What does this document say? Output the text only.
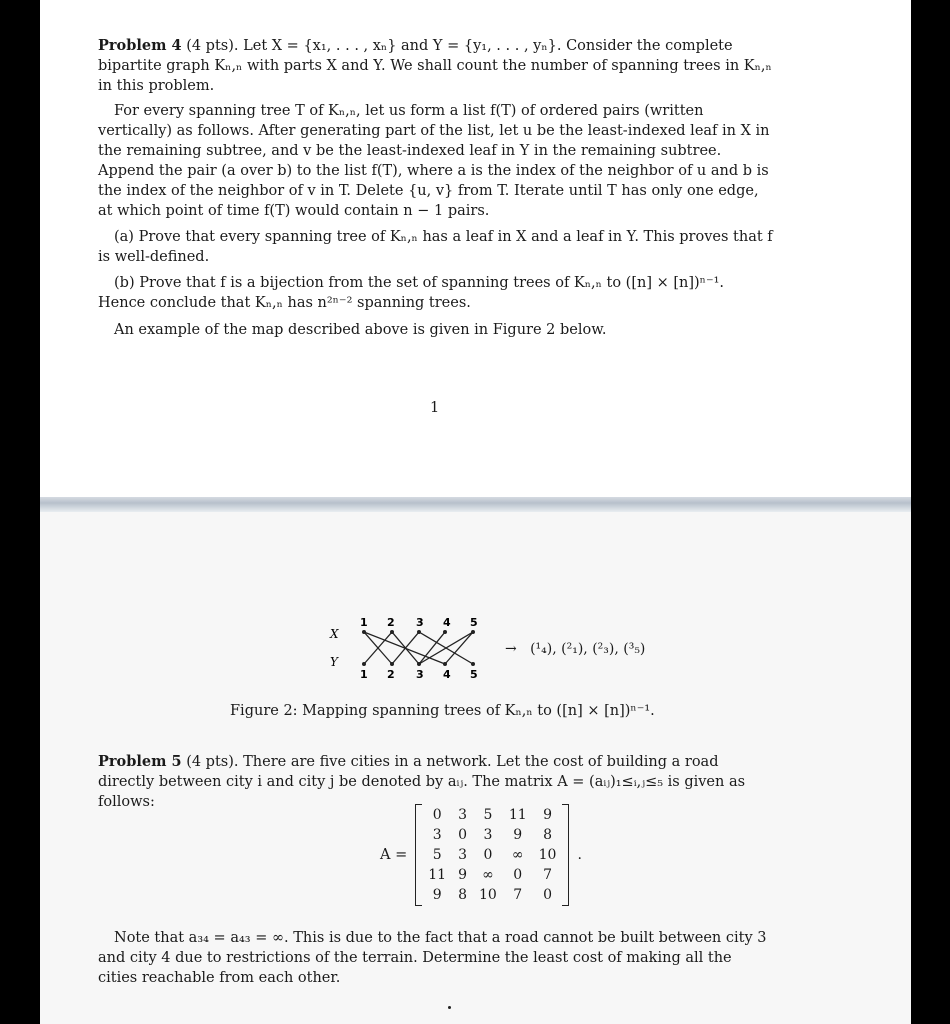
Problem 4 (4 pts). Let X = {x₁, . . . , xₙ} and Y = {y₁, . . . , yₙ}. Consider the complete bipartite graph Kₙ,ₙ with parts X and Y. We shall count the number of spanning trees in Kₙ,ₙ in this problem.

For every spanning tree T of Kₙ,ₙ, let us form a list f(T) of ordered pairs (written vertically) as follows. After generating part of the list, let u be the least-indexed leaf in X in the remaining subtree, and v be the least-indexed leaf in Y in the remaining subtree. Append the pair (a over b) to the list f(T), where a is the index of the neighbor of u and b is the index of the neighbor of v in T. Delete {u, v} from T. Iterate until T has only one edge, at which point of time f(T) would contain n − 1 pairs.

(a) Prove that every spanning tree of Kₙ,ₙ has a leaf in X and a leaf in Y. This proves that f is well-defined.

(b) Prove that f is a bijection from the set of spanning trees of Kₙ,ₙ to ([n] × [n])ⁿ⁻¹. Hence conclude that Kₙ,ₙ has n²ⁿ⁻² spanning trees.

An example of the map described above is given in Figure 2 below.

1
X
Y
1 2 3 4 5
1 2 3 4 5
→ (¹₄), (²₁), (²₃), (³₅)
Figure 2: Mapping spanning trees of Kₙ,ₙ to ([n] × [n])ⁿ⁻¹.

Problem 5 (4 pts). There are five cities in a network. Let the cost of building a road directly between city i and city j be denoted by aᵢⱼ. The matrix A = (aᵢⱼ)₁≤ᵢ,ⱼ≤₅ is given as follows:

A =
0	3	5	11	9
3	0	3	9	8
5	3	0	∞	10
11	9	∞	0	7
9	8	10	7	0
.

Note that a₃₄ = a₄₃ = ∞. This is due to the fact that a road cannot be built between city 3 and city 4 due to restrictions of the terrain. Determine the least cost of making all the cities reachable from each other.
